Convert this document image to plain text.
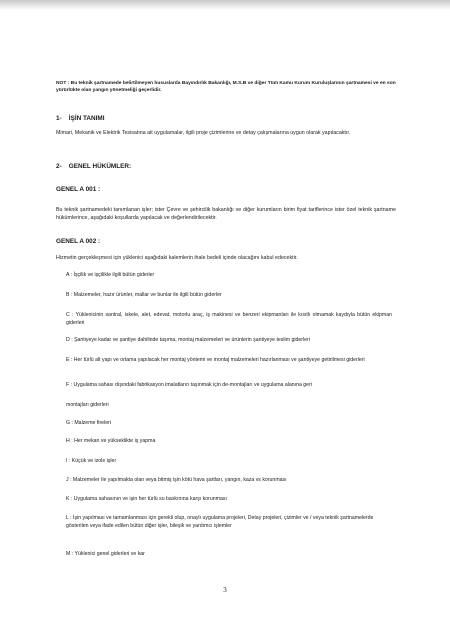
NOT : Bu teknik şartnamede belirtilmeyen hususlarda Bayındırlık Bakanlığı, M.S.B ve diğer Tüm Kamu Kurum Kuruluşlarının şartnamesi ve en son yürürlükte olan yangın yönetmeliği geçerlidir.
1- İŞİN TANIMI
Mimari, Mekanik ve Elektrik Tesisatına ait uygulamalar, ilgili proje çizimlerine ve detay çalışmalarına uygun olarak yapılacaktır.
2- GENEL HÜKÜMLER:
GENEL A 001 :
Bu teknik şartnamedeki tanımlanan işler; ister Çevre ve şehircilik bakanlığı ve diğer kurumların birim fiyat tariflerince ister özel teknik şartname hükümlerince, aşağıdaki koşullarda yapılacak ve değerlendirilecektir.
GENEL A 002 :
Hizmetin gerçekleşmesi için yüklenici aşağıdaki kalemlerin ihale bedeli içinde olacağını kabul edecektir.
A : İşçilik ve işçilikle ilgili bütün giderler
B : Malzemeler, hazır ürünler, mallar ve bunlar ile ilgili bütün giderler
C : Yüklenicinin santral, iskele, alet, edevat, motorlu araç, iş makinesi ve benzeri ekipmanları ile kısıtlı olmamak kaydıyla bütün ekipman giderleri
D : Şantiyeye kadar ve şantiye dahilinde taşıma, montaj malzemeleri ve ürünlerin şantiyeye teslim giderleri
E : Her türlü alt yapı ve ortama yapılacak her montaj yöntemi ve montaj malzemeleri hazırlanması ve şantiyeye getirilmesi giderleri
F : Uygulama sahası dışındaki fabrikasyon imalatların taşınmak için de-montajları ve uygulama alanına geri
montajları giderleri
G : Malzeme fireleri
H : Her mekan ve yükseklikte iş yapma
I : Küçük ve izole işler
J : Malzemeler ile yapılmakta olan veya bitmiş işin kötü hava şartları, yangın, kaza vs korunması
K : Uygulama sahasının ve işin her türlü su baskınına karşı korunması
L : İşin yapılması ve tamamlanması için gerekli olup, onaylı uygulama projeleri, Detay projeleri, çizimler ve / veya teknik şartnamelerde gösterilen veya ifade edilen bütün diğer işler, bileşik ve yardımcı işlemler
M : Yüklenici genel giderleri ve kar
3
